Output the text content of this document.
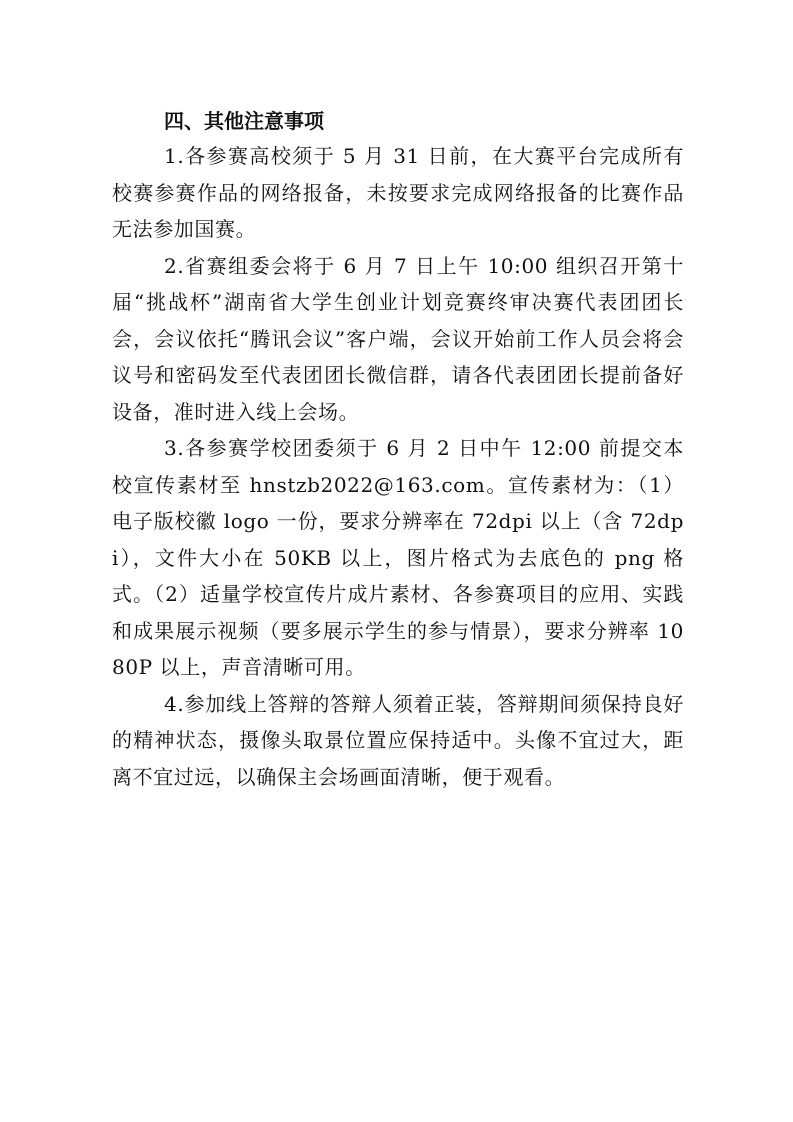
四、其他注意事项

1.各参赛高校须于 5 月 31 日前，在大赛平台完成所有校赛参赛作品的网络报备，未按要求完成网络报备的比赛作品无法参加国赛。

2.省赛组委会将于 6 月 7 日上午 10:00 组织召开第十届“挑战杯”湖南省大学生创业计划竞赛终审决赛代表团团长会，会议依托“腾讯会议”客户端，会议开始前工作人员会将会议号和密码发至代表团团长微信群，请各代表团团长提前备好设备，准时进入线上会场。

3.各参赛学校团委须于 6 月 2 日中午 12:00 前提交本校宣传素材至 hnstzb2022@163.com。宣传素材为：（1）电子版校徽 logo 一份，要求分辨率在 72dpi 以上（含 72dpi），文件大小在 50KB 以上，图片格式为去底色的 png 格式。（2）适量学校宣传片成片素材、各参赛项目的应用、实践和成果展示视频（要多展示学生的参与情景），要求分辨率 1080P 以上，声音清晰可用。

4.参加线上答辩的答辩人须着正装，答辩期间须保持良好的精神状态，摄像头取景位置应保持适中。头像不宜过大，距离不宜过远，以确保主会场画面清晰，便于观看。
